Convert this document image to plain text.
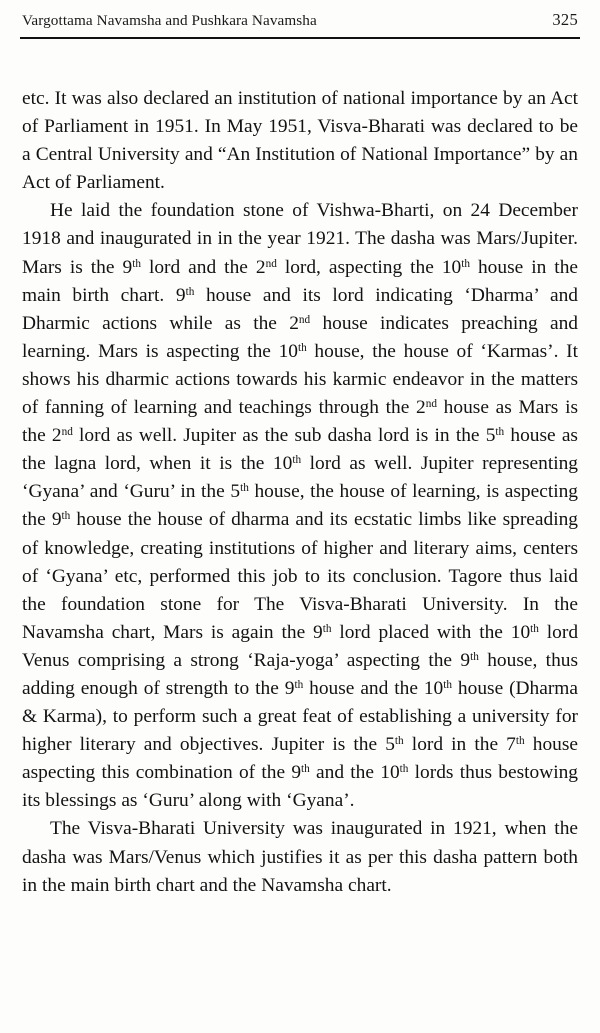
Vargottama Navamsha and Pushkara Navamsha	325

etc. It was also declared an institution of national importance by an Act of Parliament in 1951. In May 1951, Visva-Bharati was declared to be a Central University and “An Institution of National Importance” by an Act of Parliament.

He laid the foundation stone of Vishwa-Bharti, on 24 December 1918 and inaugurated in in the year 1921. The dasha was Mars/Jupiter. Mars is the 9th lord and the 2nd lord, aspecting the 10th house in the main birth chart. 9th house and its lord indicating ‘Dharma’ and Dharmic actions while as the 2nd house indicates preaching and learning. Mars is aspecting the 10th house, the house of ‘Karmas’. It shows his dharmic actions towards his karmic endeavor in the matters of fanning of learning and teachings through the 2nd house as Mars is the 2nd lord as well. Jupiter as the sub dasha lord is in the 5th house as the lagna lord, when it is the 10th lord as well. Jupiter representing ‘Gyana’ and ‘Guru’ in the 5th house, the house of learning, is aspecting the 9th house the house of dharma and its ecstatic limbs like spreading of knowledge, creating institutions of higher and literary aims, centers of ‘Gyana’ etc, performed this job to its conclusion. Tagore thus laid the foundation stone for The Visva-Bharati University. In the Navamsha chart, Mars is again the 9th lord placed with the 10th lord Venus comprising a strong ‘Raja-yoga’ aspecting the 9th house, thus adding enough of strength to the 9th house and the 10th house (Dharma & Karma), to perform such a great feat of establishing a university for higher literary and objectives. Jupiter is the 5th lord in the 7th house aspecting this combination of the 9th and the 10th lords thus bestowing its blessings as ‘Guru’ along with ‘Gyana’.

The Visva-Bharati University was inaugurated in 1921, when the dasha was Mars/Venus which justifies it as per this dasha pattern both in the main birth chart and the Navamsha chart.
